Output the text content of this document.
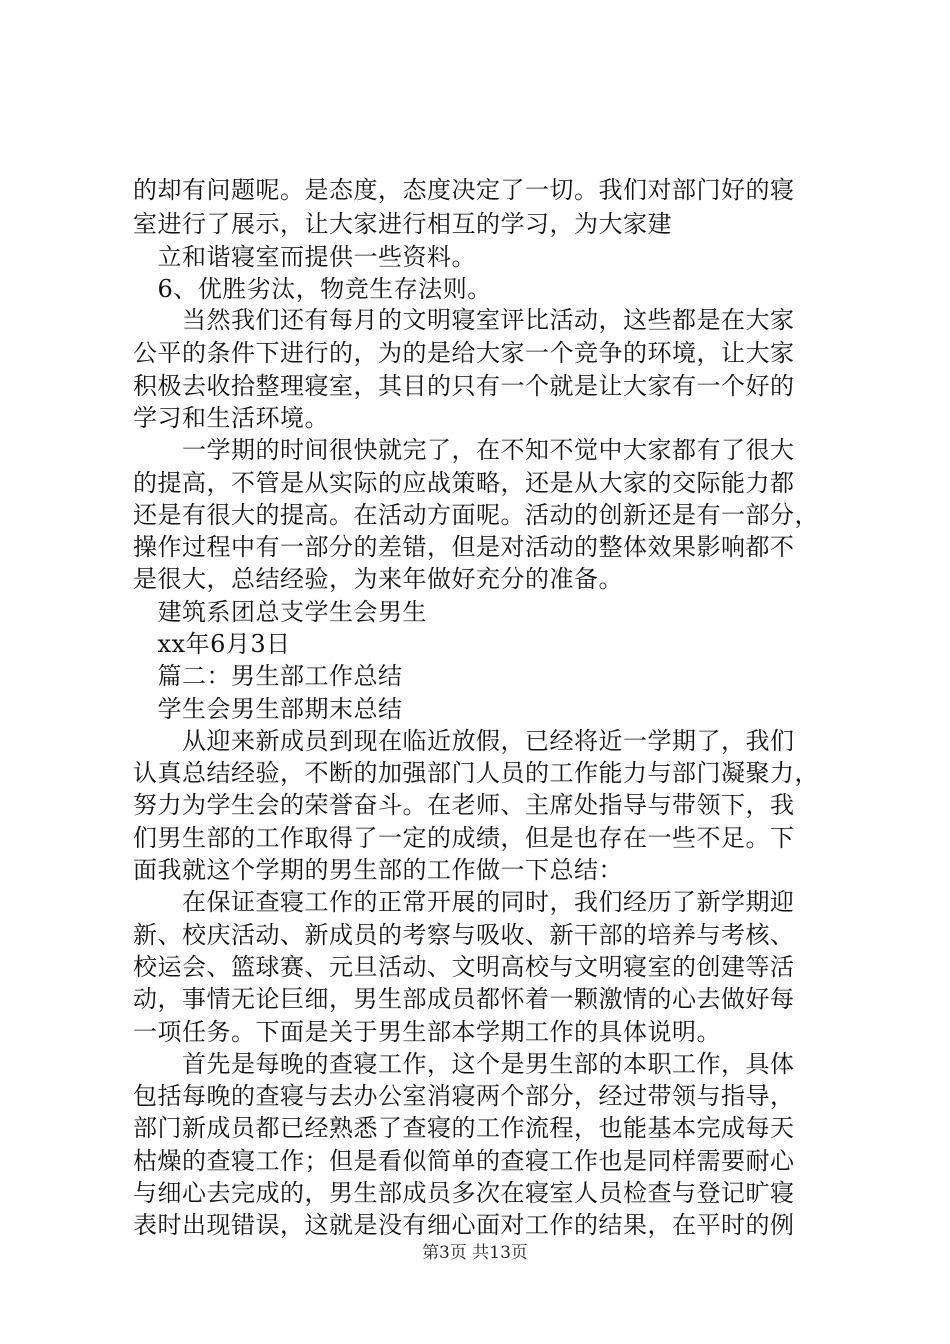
的却有问题呢。是态度，态度决定了一切。我们对部门好的寝
室进行了展示，让大家进行相互的学习，为大家建
　立和谐寝室而提供一些资料。
　6、优胜劣汰，物竞生存法则。
　　当然我们还有每月的文明寝室评比活动，这些都是在大家
公平的条件下进行的，为的是给大家一个竞争的环境，让大家
积极去收拾整理寝室，其目的只有一个就是让大家有一个好的
学习和生活环境。
　　一学期的时间很快就完了，在不知不觉中大家都有了很大
的提高，不管是从实际的应战策略，还是从大家的交际能力都
还是有很大的提高。在活动方面呢。活动的创新还是有一部分，
操作过程中有一部分的差错，但是对活动的整体效果影响都不
是很大，总结经验，为来年做好充分的准备。
　建筑系团总支学生会男生
　xx年6月3日
　篇二：男生部工作总结
　学生会男生部期末总结
　　从迎来新成员到现在临近放假，已经将近一学期了，我们
认真总结经验，不断的加强部门人员的工作能力与部门凝聚力，
努力为学生会的荣誉奋斗。在老师、主席处指导与带领下，我
们男生部的工作取得了一定的成绩，但是也存在一些不足。下
面我就这个学期的男生部的工作做一下总结：
　　在保证查寝工作的正常开展的同时，我们经历了新学期迎
新、校庆活动、新成员的考察与吸收、新干部的培养与考核、
校运会、篮球赛、元旦活动、文明高校与文明寝室的创建等活
动，事情无论巨细，男生部成员都怀着一颗激情的心去做好每
一项任务。下面是关于男生部本学期工作的具体说明。
　　首先是每晚的查寝工作，这个是男生部的本职工作，具体
包括每晚的查寝与去办公室消寝两个部分，经过带领与指导，
部门新成员都已经熟悉了查寝的工作流程，也能基本完成每天
枯燥的查寝工作；但是看似简单的查寝工作也是同样需要耐心
与细心去完成的，男生部成员多次在寝室人员检查与登记旷寝
表时出现错误，这就是没有细心面对工作的结果，在平时的例
第3页 共13页
